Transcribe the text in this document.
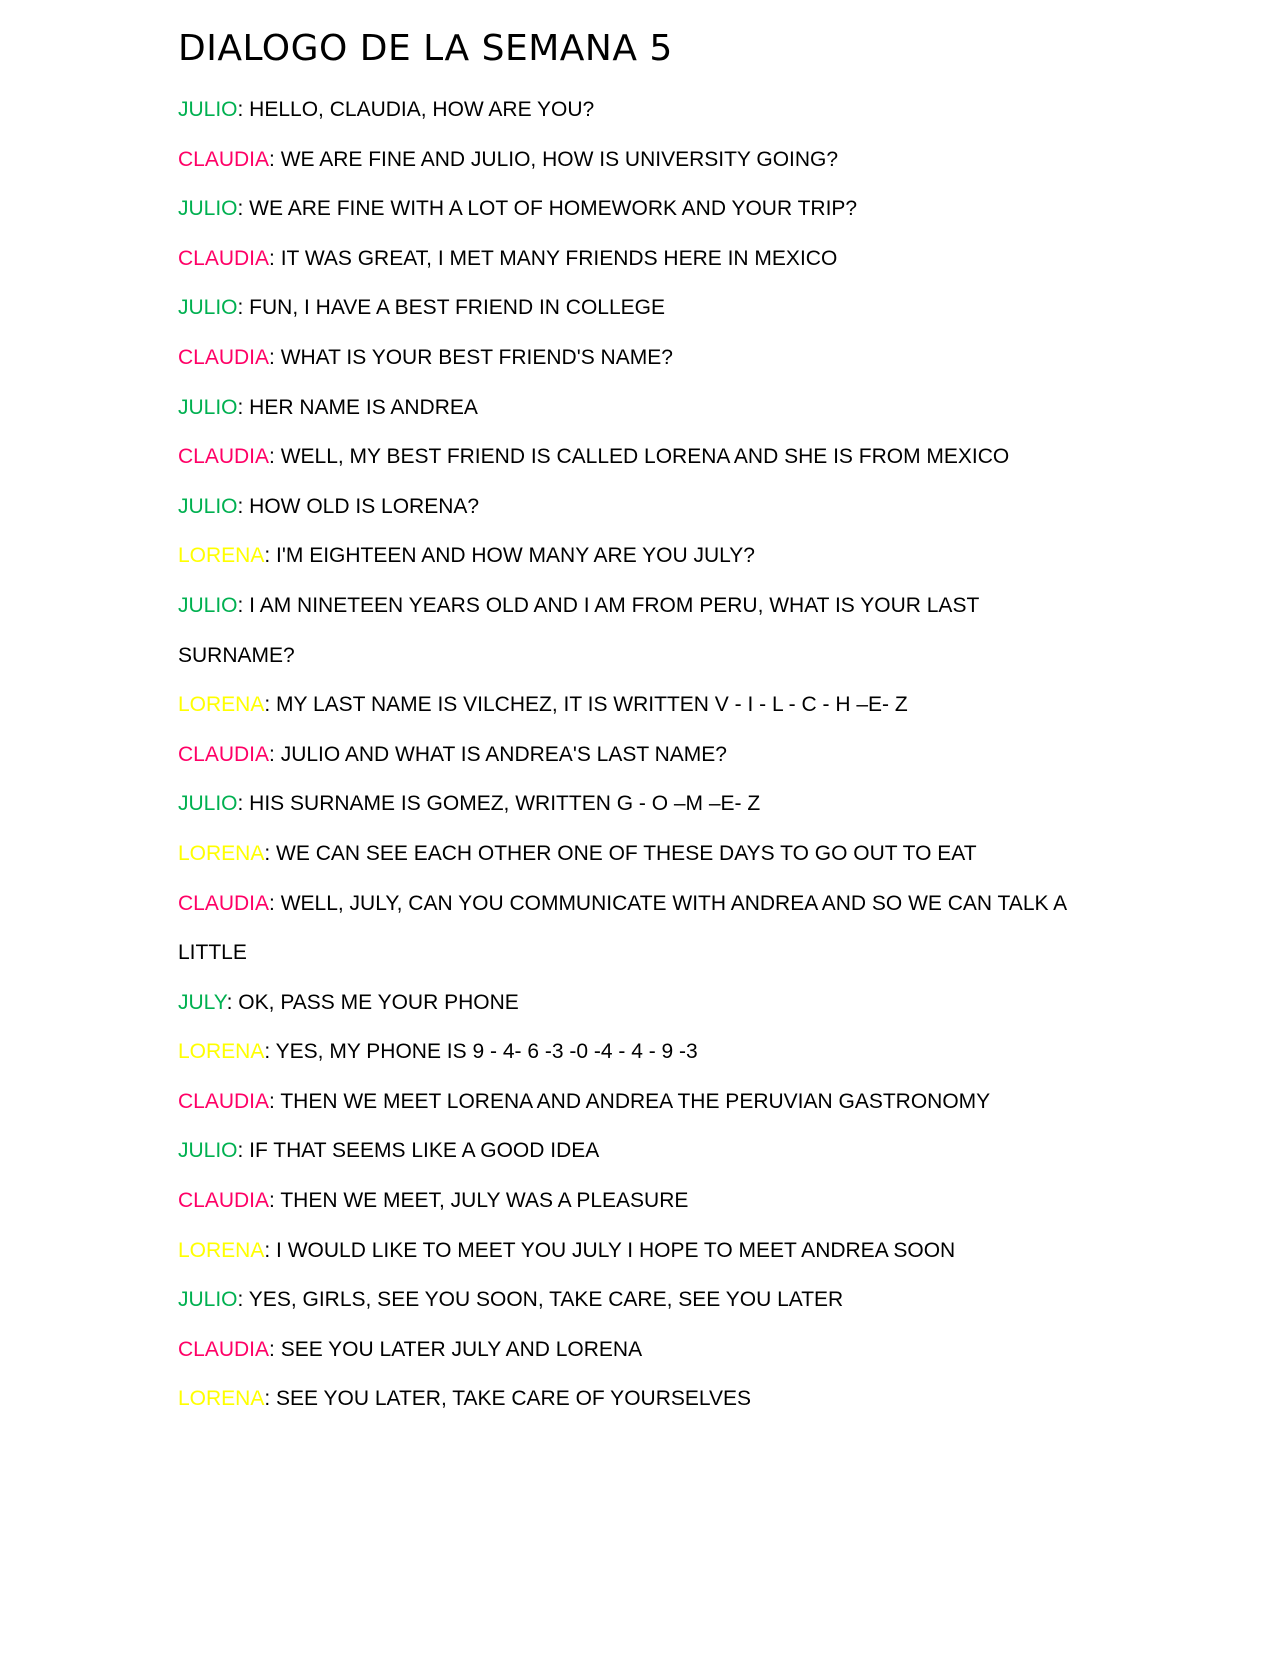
DIALOGO DE LA SEMANA 5

JULIO: HELLO, CLAUDIA, HOW ARE YOU?

CLAUDIA: WE ARE FINE AND JULIO, HOW IS UNIVERSITY GOING?

JULIO: WE ARE FINE WITH A LOT OF HOMEWORK AND YOUR TRIP?

CLAUDIA: IT WAS GREAT, I MET MANY FRIENDS HERE IN MEXICO

JULIO: FUN, I HAVE A BEST FRIEND IN COLLEGE

CLAUDIA: WHAT IS YOUR BEST FRIEND'S NAME?

JULIO: HER NAME IS ANDREA

CLAUDIA: WELL, MY BEST FRIEND IS CALLED LORENA AND SHE IS FROM MEXICO

JULIO: HOW OLD IS LORENA?

LORENA: I'M EIGHTEEN AND HOW MANY ARE YOU JULY?

JULIO: I AM NINETEEN YEARS OLD AND I AM FROM PERU, WHAT IS YOUR LAST SURNAME?

LORENA: MY LAST NAME IS VILCHEZ, IT IS WRITTEN V - I - L - C - H –E- Z

CLAUDIA: JULIO AND WHAT IS ANDREA'S LAST NAME?

JULIO: HIS SURNAME IS GOMEZ, WRITTEN G - O –M –E- Z

LORENA: WE CAN SEE EACH OTHER ONE OF THESE DAYS TO GO OUT TO EAT

CLAUDIA: WELL, JULY, CAN YOU COMMUNICATE WITH ANDREA AND SO WE CAN TALK A LITTLE

JULY: OK, PASS ME YOUR PHONE

LORENA: YES, MY PHONE IS 9 - 4- 6 -3 -0 -4 - 4 - 9 -3

CLAUDIA: THEN WE MEET LORENA AND ANDREA THE PERUVIAN GASTRONOMY

JULIO: IF THAT SEEMS LIKE A GOOD IDEA

CLAUDIA: THEN WE MEET, JULY WAS A PLEASURE

LORENA: I WOULD LIKE TO MEET YOU JULY I HOPE TO MEET ANDREA SOON

JULIO: YES, GIRLS, SEE YOU SOON, TAKE CARE, SEE YOU LATER

CLAUDIA: SEE YOU LATER JULY AND LORENA

LORENA: SEE YOU LATER, TAKE CARE OF YOURSELVES
